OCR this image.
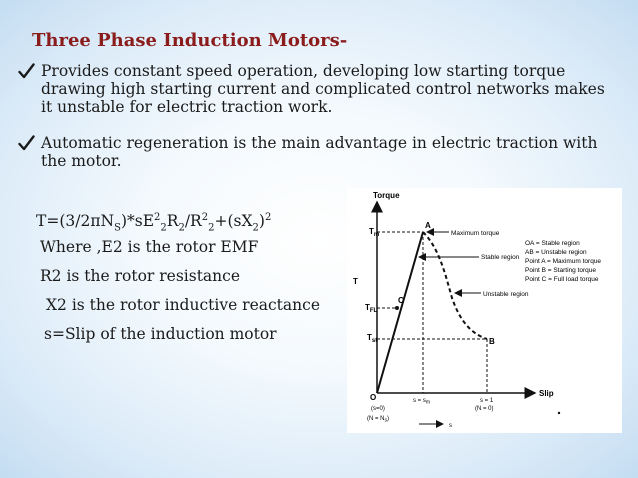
Three Phase Induction Motors-
Provides constant speed operation, developing low starting torque drawing high starting current and complicated control networks makes it unstable for electric traction work.
Automatic regeneration is the main advantage in electric traction with the motor.
$T=(3/2\pi N_S)*sE^2_2R_2/R^2_2+(sX_2)^2$
Where ,E2 is the rotor EMF
R2 is the rotor resistance
X2 is the rotor inductive reactance
s=Slip of the induction motor
Torque
Slip
T
$T_m$
$T_{FL}$
$T_{st}$
A
B
C
O
Maximum torque
Stable region
Unstable region
OA = Stable region
AB = Unstable region
Point A = Maximum torque
Point B = Starting torque
Point C = Full load torque
$s = s_m$	s = 1
(s=0)
$(N = N_s)$
(N = 0)
s
